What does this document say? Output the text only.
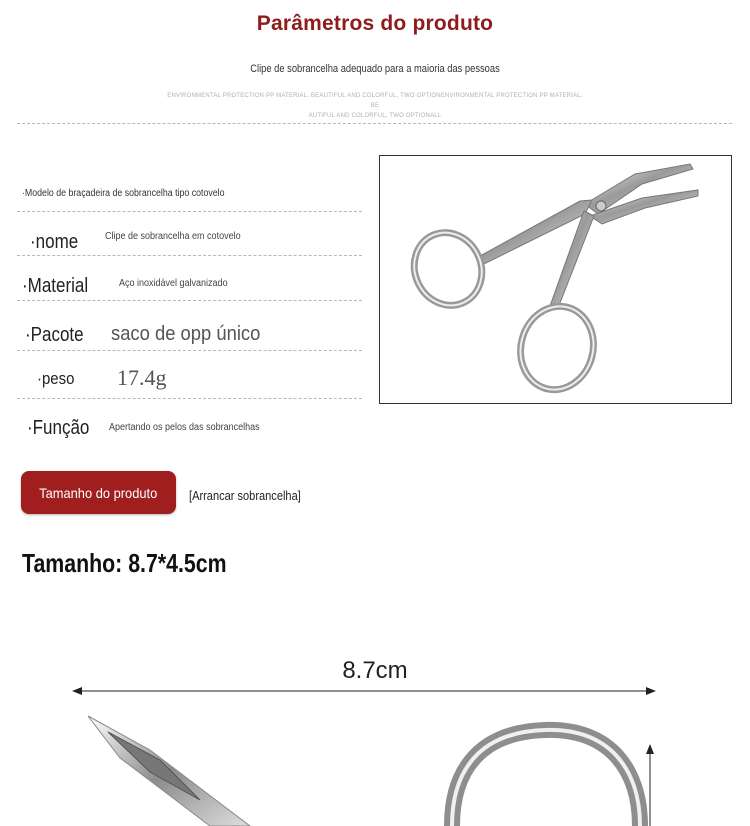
Parâmetros do produto
Clipe de sobrancelha adequado para a maioria das pessoas
ENVIRONMENTAL PROTECTION PP MATERIAL, BEAUTIFUL AND COLORFUL, TWO OPTIONENVIRONMENTAL PROTECTION PP MATERIAL, BE
AUTIFUL AND COLORFUL, TWO OPTIONALL
·Modelo de braçadeira de sobrancelha tipo cotovelo
·nome	Clipe de sobrancelha em cotovelo
·Material	Aço inoxidável galvanizado
·Pacote saco de opp único
·peso 17.4g
·Função Apertando os pelos das sobrancelhas
Tamanho do produto [Arrancar sobrancelha]
Tamanho: 8.7*4.5cm
8.7cm
